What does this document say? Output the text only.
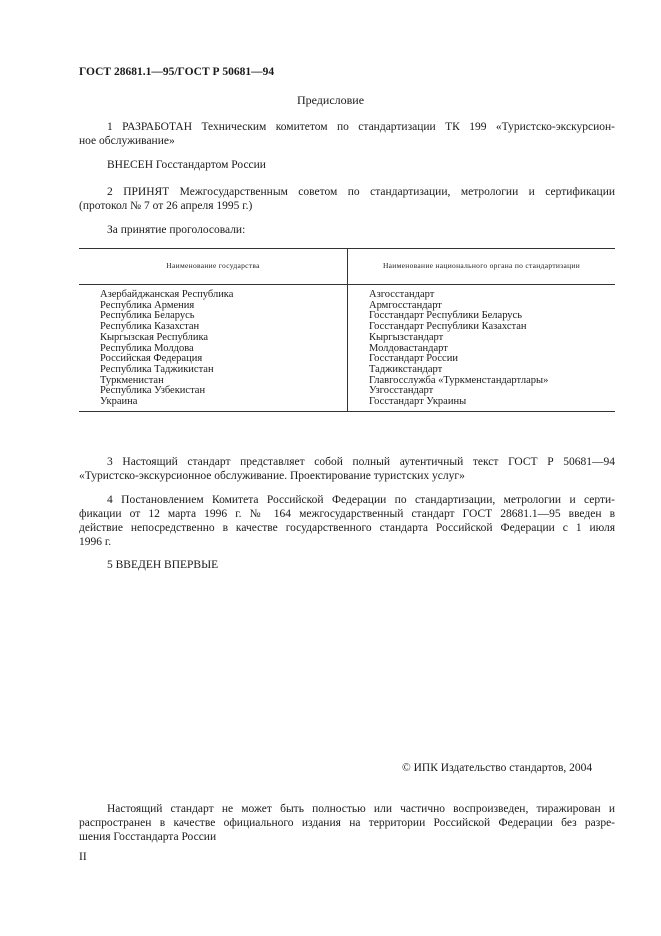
ГОСТ 28681.1—95/ГОСТ Р 50681—94
Предисловие
1 РАЗРАБОТАН Техническим комитетом по стандартизации ТК 199 «Туристско-экскурсион-
ное обслуживание»
ВНЕСЕН Госстандартом России
2 ПРИНЯТ Межгосударственным советом по стандартизации, метрологии и сертификации
(протокол № 7 от 26 апреля 1995 г.)
За принятие проголосовали:
Наименование государства	Наименование национального органа по стандартизации
Азербайджанская Республика
Республика Армения
Республика Беларусь
Республика Казахстан
Кыргызская Республика
Республика Молдова
Российская Федерация
Республика Таджикистан
Туркменистан
Республика Узбекистан
Украина
Азгосстандарт
Армгосстандарт
Госстандарт Республики Беларусь
Госстандарт Республики Казахстан
Кыргызстандарт
Молдовастандарт
Госстандарт России
Таджикстандарт
Главгосслужба «Туркменстандартлары»
Узгосстандарт
Госстандарт Украины
3 Настоящий стандарт представляет собой полный аутентичный текст ГОСТ Р 50681—94
«Туристско-экскурсионное обслуживание. Проектирование туристских услуг»
4 Постановлением Комитета Российской Федерации по стандартизации, метрологии и серти-
фикации от 12 марта 1996 г. № 164 межгосударственный стандарт ГОСТ 28681.1—95 введен в
действие непосредственно в качестве государственного стандарта Российской Федерации с 1 июля
1996 г.
5 ВВЕДЕН ВПЕРВЫЕ
© ИПК Издательство стандартов, 2004
Настоящий стандарт не может быть полностью или частично воспроизведен, тиражирован и
распространен в качестве официального издания на территории Российской Федерации без разре-
шения Госстандарта России
II
